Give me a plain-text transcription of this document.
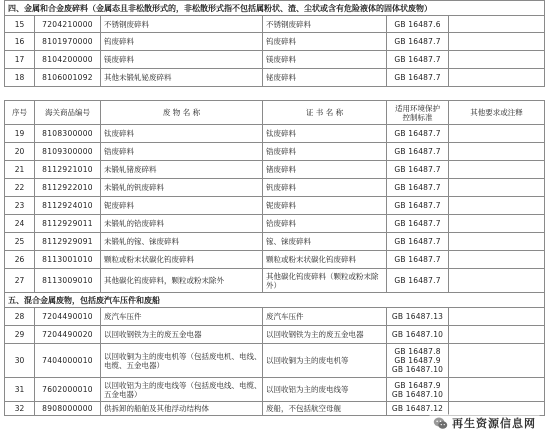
四、金属和合金废碎料（金属态且非松散形式的，非松散形式指不包括属粉状、渣、尘状或含有危险液体的固体状废物）					
15	7204210000	不锈钢废碎料	不锈钢废碎料	GB 16487.6	
16	8101970000	钨废碎料	钨废碎料	GB 16487.7	
17	8104200000	镁废碎料	镁废碎料	GB 16487.7	
18	8106001092	其他未锻轧铋废碎料	铋废碎料	GB 16487.7	

序号	海关商品编号	废 物 名 称	证 书 名 称	适用环境保护
控制标准	其他要求或注释
19	8108300000	钛废碎料	钛废碎料	GB 16487.7	
20	8109300000	锆废碎料	锆废碎料	GB 16487.7	
21	8112921010	未锻轧锗废碎料	锗废碎料	GB 16487.7	
22	8112922010	未锻轧的钒废碎料	钒废碎料	GB 16487.7	
23	8112924010	铌废碎料	铌废碎料	GB 16487.7	
24	8112929011	未锻轧的铪废碎料	铪废碎料	GB 16487.7	
25	8112929091	未锻轧的镓、铼废碎料	镓、铼废碎料	GB 16487.7	
26	8113001010	颗粒或粉末状碳化钨废碎料	颗粒或粉末状碳化钨废碎料	GB 16487.7	
27	8113009010	其他碳化钨废碎料，颗粒或粉末除外	其他碳化钨废碎料（颗粒或粉末除外）	GB 16487.7	
五、混合金属废物，包括废汽车压件和废船					
28	7204490010	废汽车压件	废汽车压件	GB 16487.13	
29	7204490020	以回收钢铁为主的废五金电器	以回收钢铁为主的废五金电器	GB 16487.10	
30	7404000010	以回收铜为主的废电机等（包括废电机、电线、
电缆、五金电器）	以回收铜为主的废电机等	GB 16487.8
GB 16487.9
GB 16487.10	
31	7602000010	以回收铝为主的废电线等（包括废电线、电缆、
五金电器）	以回收铝为主的废电线等	GB 16487.9
GB 16487.10	
32	8908000000	供拆卸的船舶及其他浮动结构体	废船，不包括航空母舰	GB 16487.12	
再生资源信息网
